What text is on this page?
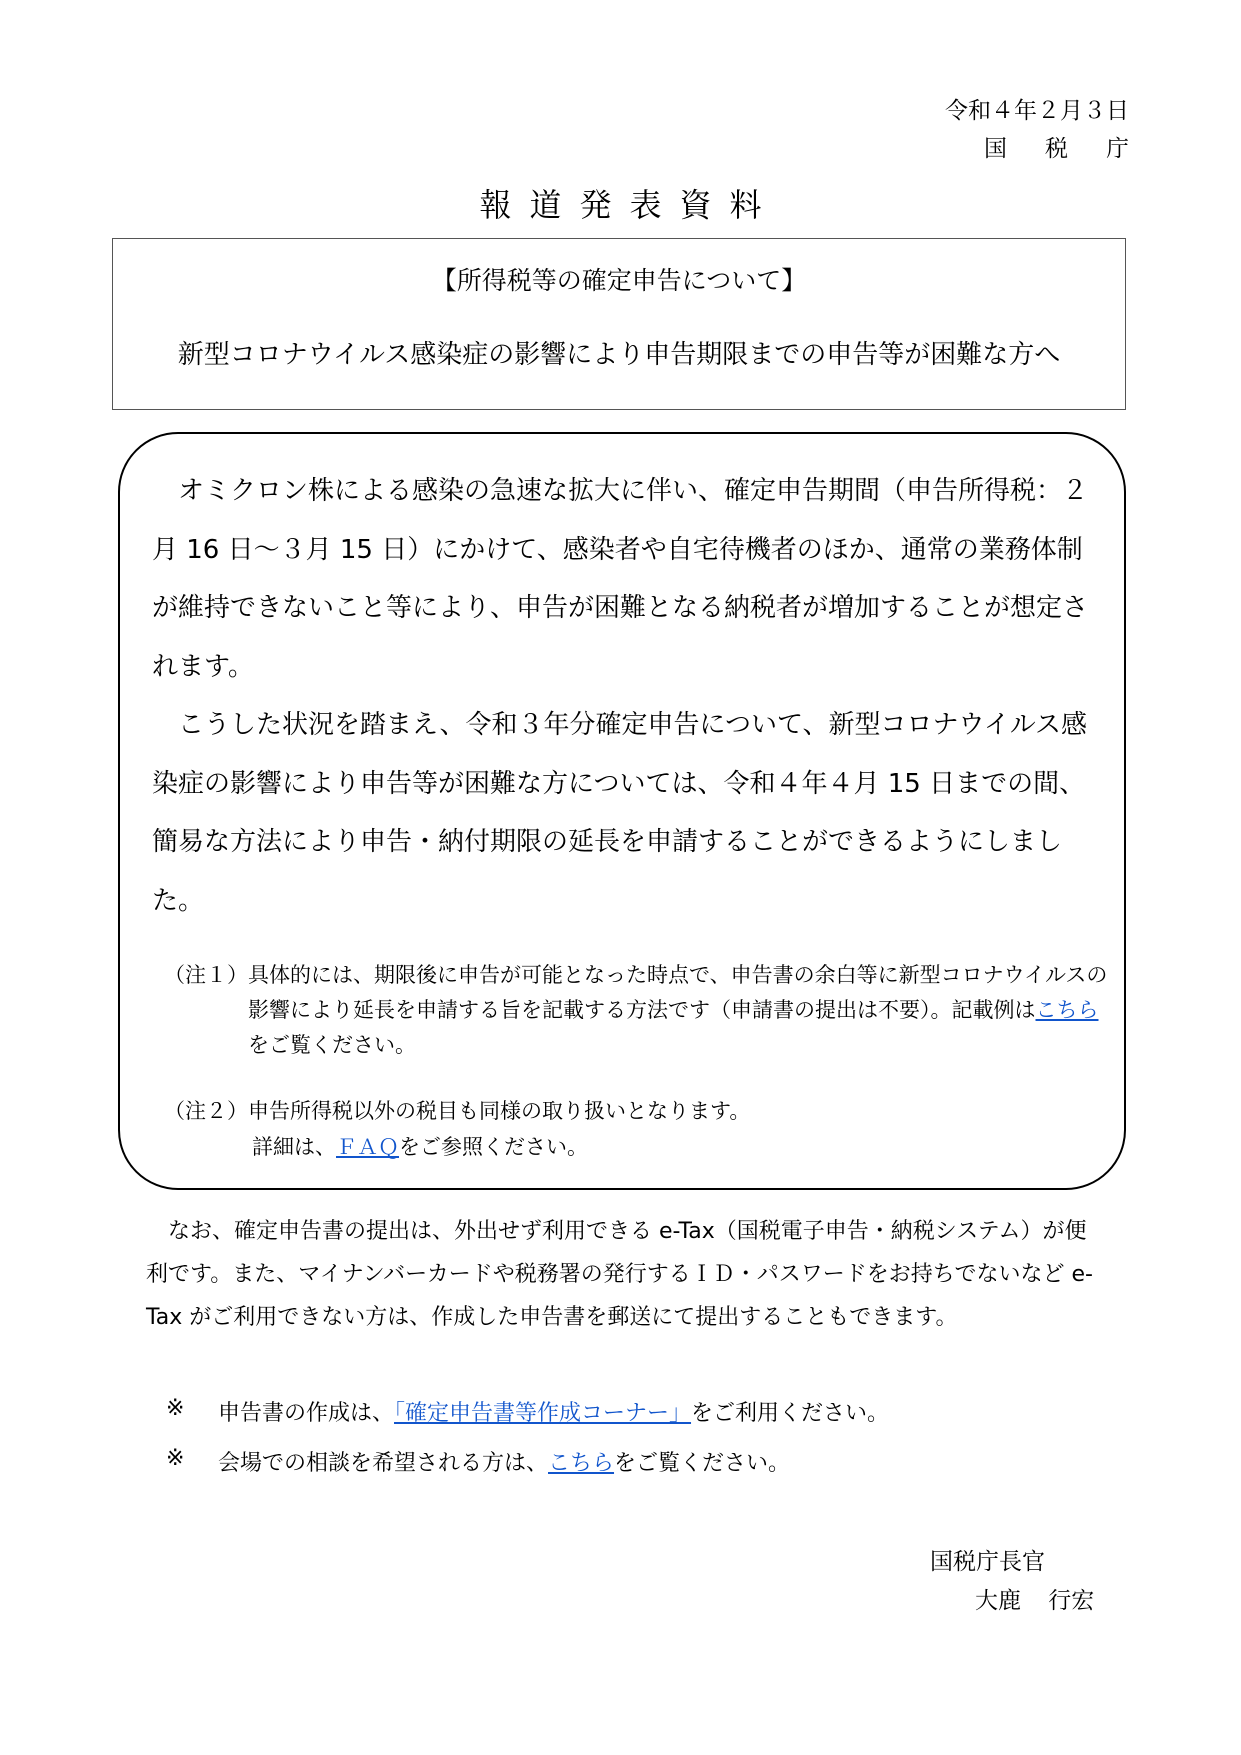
令和４年２月３日
国税庁
報道発表資料
【所得税等の確定申告について】
新型コロナウイルス感染症の影響により申告期限までの申告等が困難な方へ
　オミクロン株による感染の急速な拡大に伴い、確定申告期間（申告所得税：２月 16 日～３月 15 日）にかけて、感染者や自宅待機者のほか、通常の業務体制が維持できないこと等により、申告が困難となる納税者が増加することが想定されます。
　こうした状況を踏まえ、令和３年分確定申告について、新型コロナウイルス感染症の影響により申告等が困難な方については、令和４年４月 15 日までの間、簡易な方法により申告・納付期限の延長を申請することができるようにしました。
（注１） 具体的には、期限後に申告が可能となった時点で、申告書の余白等に新型コロナウイルスの影響により延長を申請する旨を記載する方法です（申請書の提出は不要）。記載例はこちらをご覧ください。
（注２） 申告所得税以外の税目も同様の取り扱いとなります。
詳細は、ＦＡＱをご参照ください。
　なお、確定申告書の提出は、外出せず利用できる e-Tax（国税電子申告・納税システム）が便利です。また、マイナンバーカードや税務署の発行するＩＤ・パスワードをお持ちでないなど e-Tax がご利用できない方は、作成した申告書を郵送にて提出することもできます。
※ 申告書の作成は、「確定申告書等作成コーナー」をご利用ください。
※ 会場での相談を希望される方は、こちらをご覧ください。
国税庁長官
大鹿 行宏
